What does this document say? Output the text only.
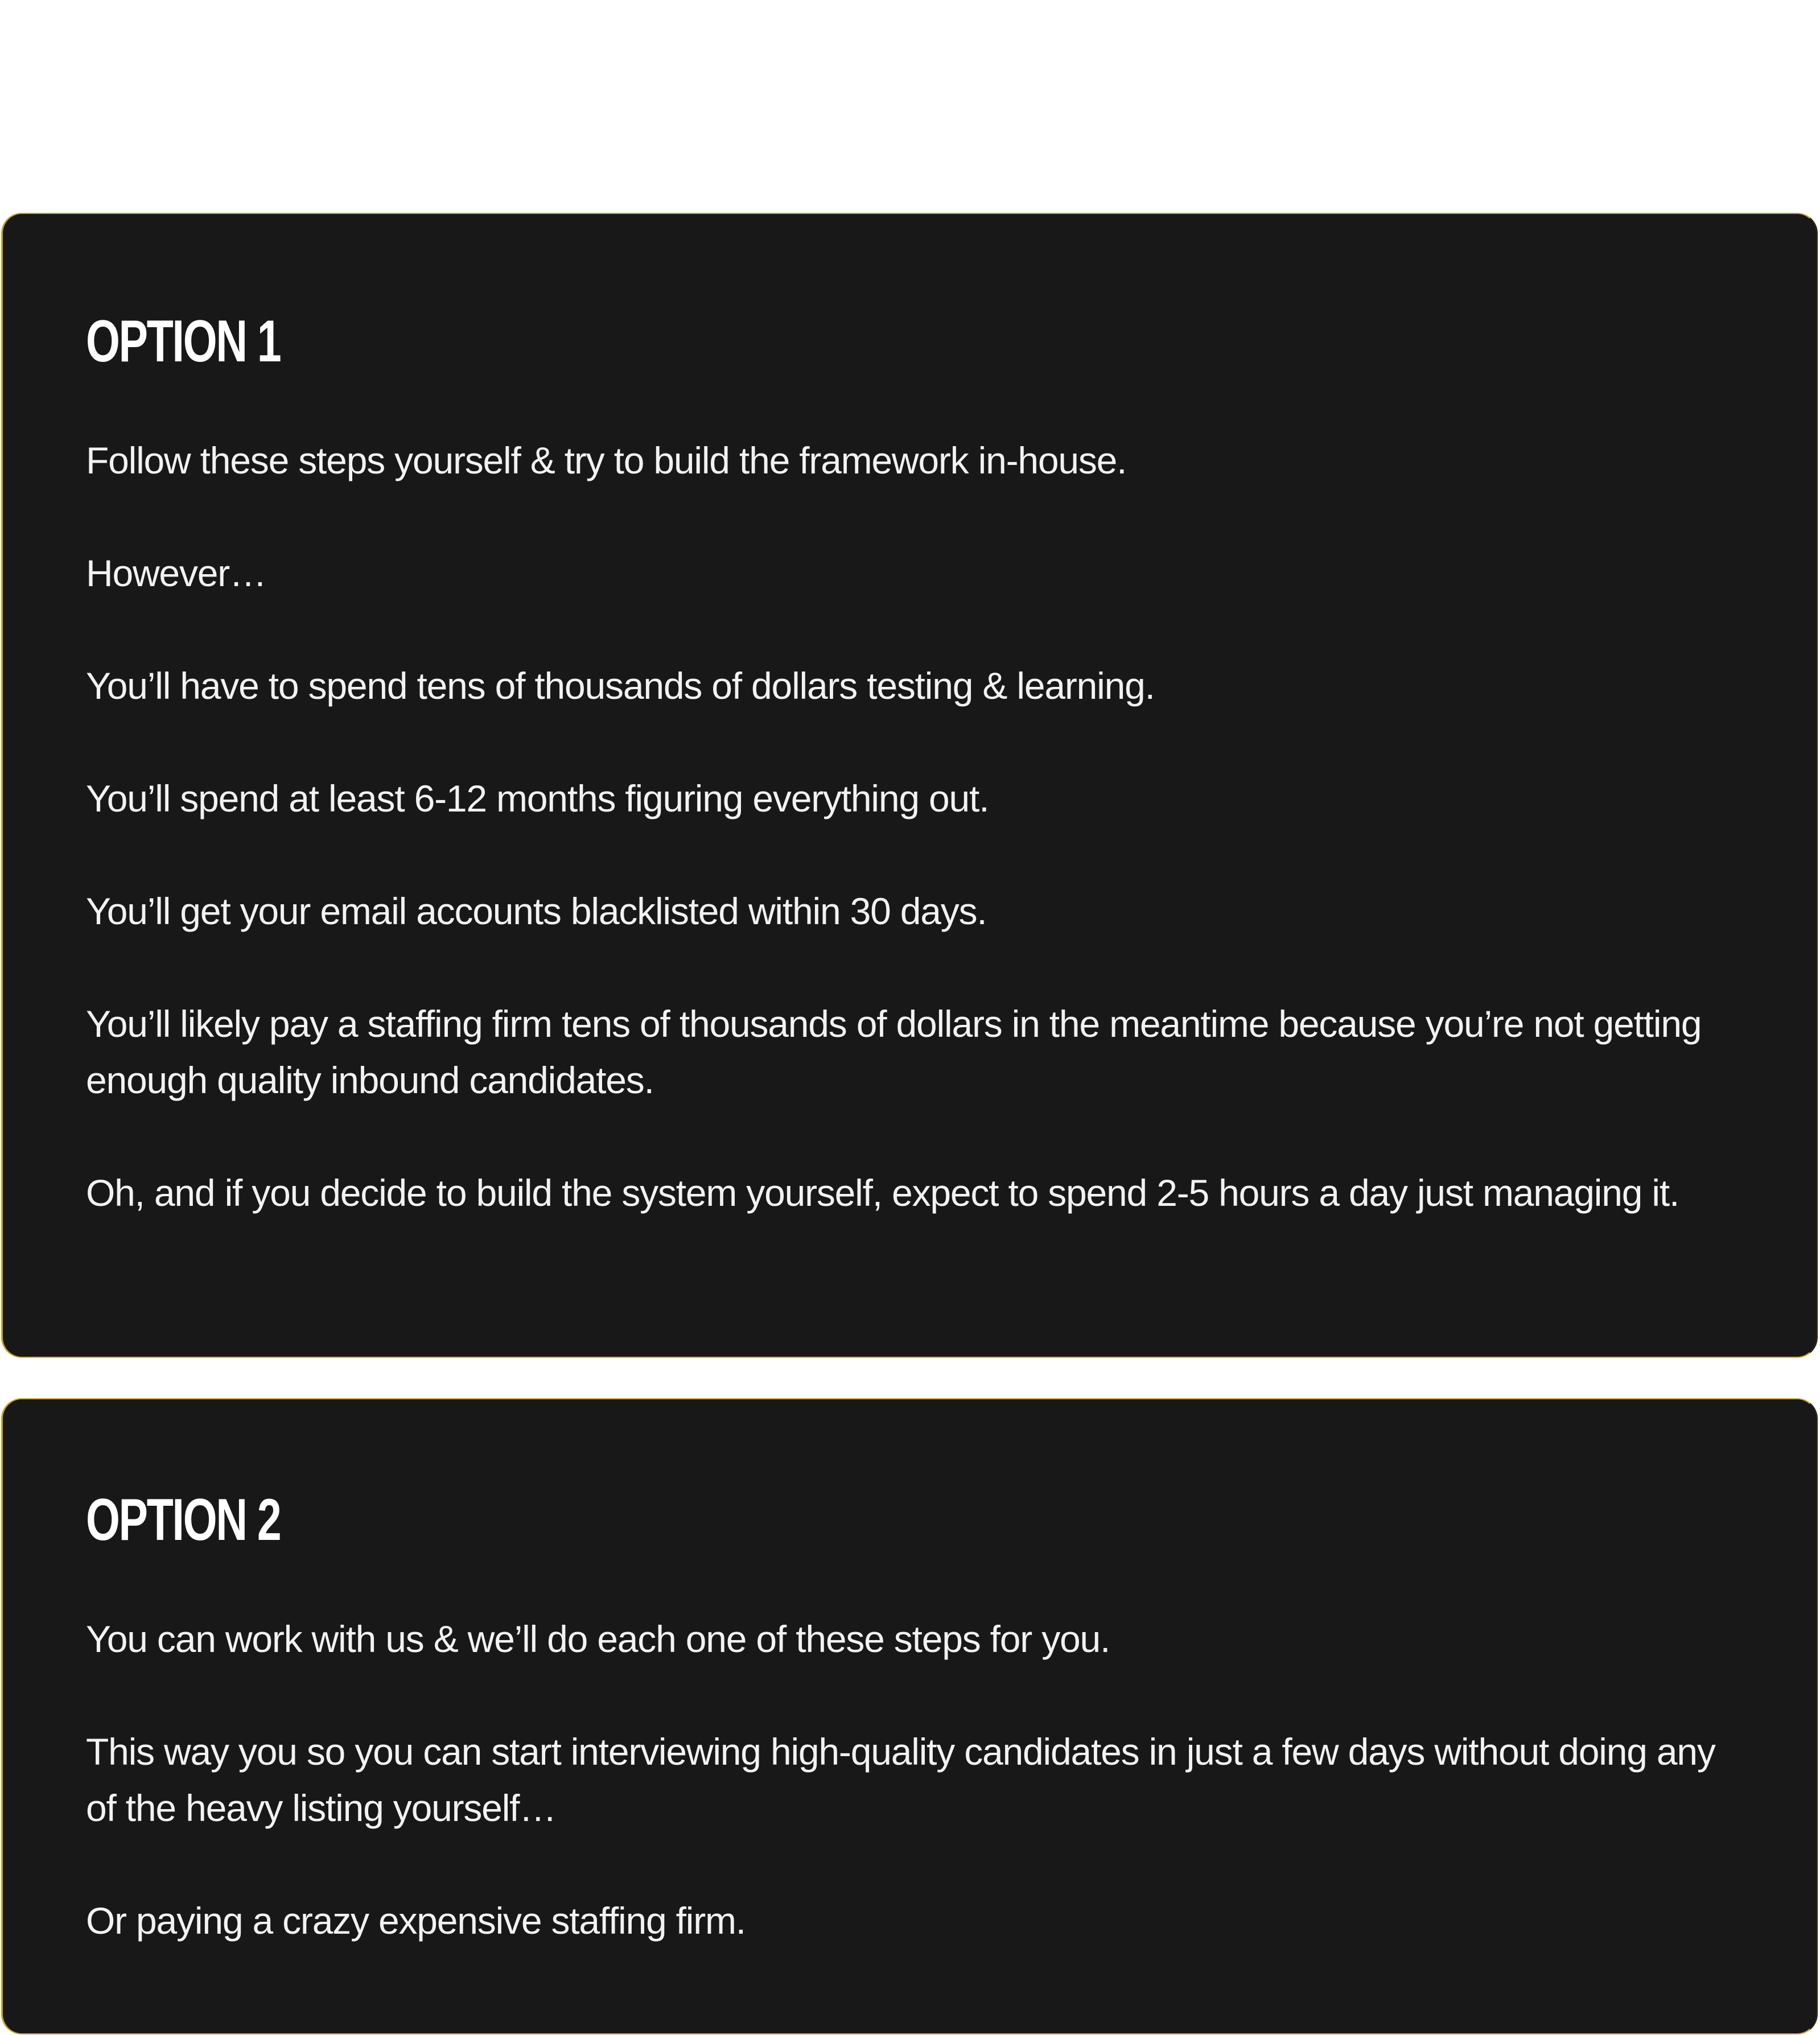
OPTION 1

Follow these steps yourself & try to build the framework in-house.

However…

You’ll have to spend tens of thousands of dollars testing & learning.

You’ll spend at least 6-12 months figuring everything out.

You’ll get your email accounts blacklisted within 30 days.

You’ll likely pay a staffing firm tens of thousands of dollars in the meantime because you’re not getting enough quality inbound candidates.

Oh, and if you decide to build the system yourself, expect to spend 2-5 hours a day just managing it.

OPTION 2

You can work with us & we’ll do each one of these steps for you.

This way you so you can start interviewing high-quality candidates in just a few days without doing any of the heavy listing yourself…

Or paying a crazy expensive staffing firm.
